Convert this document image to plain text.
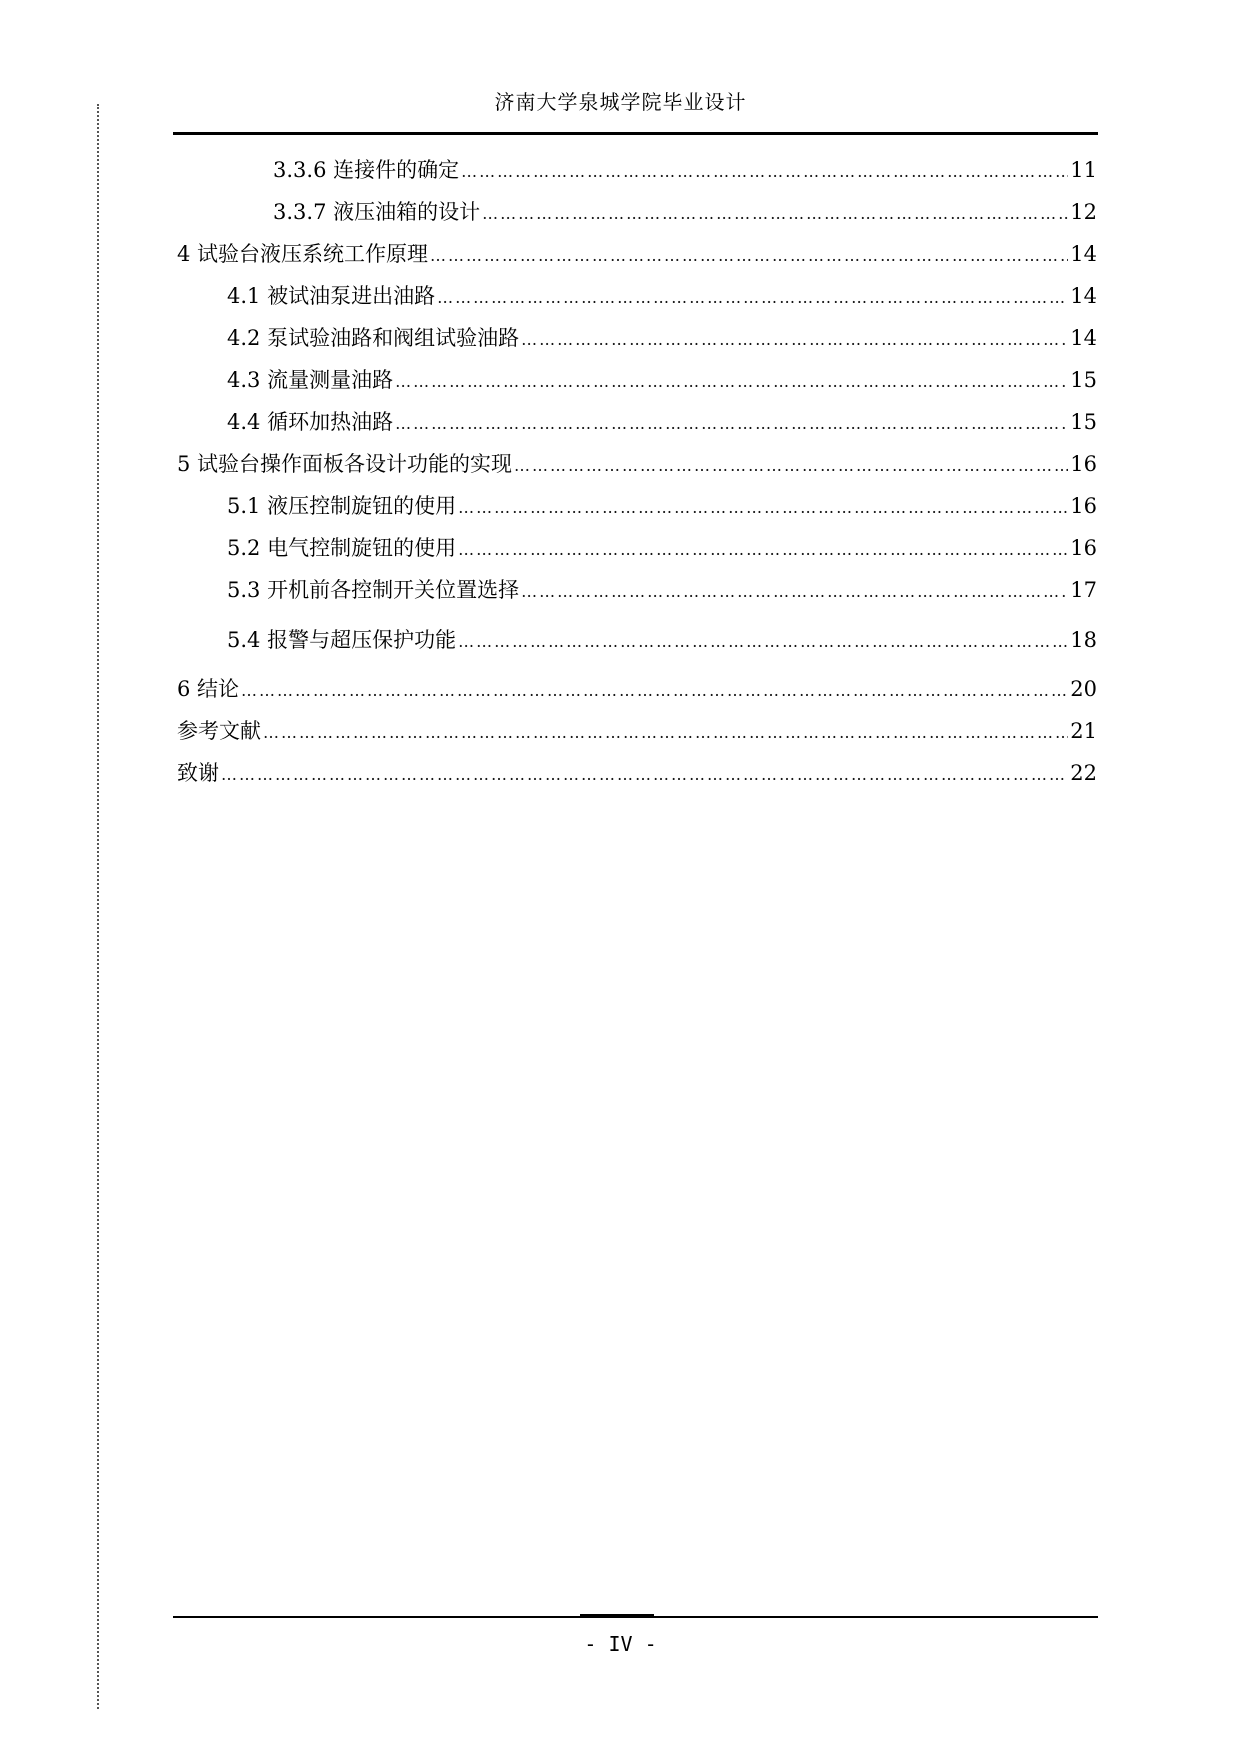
济南大学泉城学院毕业设计
3.3.6 连接件的确定 …………………………………………………………………………………………………………………………………………………………………………	11
3.3.7 液压油箱的设计 …………………………………………………………………………………………………………………………………………………………………………	12
4 试验台液压系统工作原理 …………………………………………………………………………………………………………………………………………………………………………	14
4.1 被试油泵进出油路 …………………………………………………………………………………………………………………………………………………………………………	14
4.2 泵试验油路和阀组试验油路 …………………………………………………………………………………………………………………………………………………………………………	14
4.3 流量测量油路 …………………………………………………………………………………………………………………………………………………………………………	15
4.4 循环加热油路 …………………………………………………………………………………………………………………………………………………………………………	15
5 试验台操作面板各设计功能的实现 …………………………………………………………………………………………………………………………………………………………………………	16
5.1 液压控制旋钮的使用 …………………………………………………………………………………………………………………………………………………………………………	16
5.2 电气控制旋钮的使用 …………………………………………………………………………………………………………………………………………………………………………	16
5.3 开机前各控制开关位置选择 …………………………………………………………………………………………………………………………………………………………………………	17
5.4 报警与超压保护功能 …………………………………………………………………………………………………………………………………………………………………………	18
6 结论 …………………………………………………………………………………………………………………………………………………………………………	20
参考文献 …………………………………………………………………………………………………………………………………………………………………………	21
致谢 …………………………………………………………………………………………………………………………………………………………………………	22
- IV -
